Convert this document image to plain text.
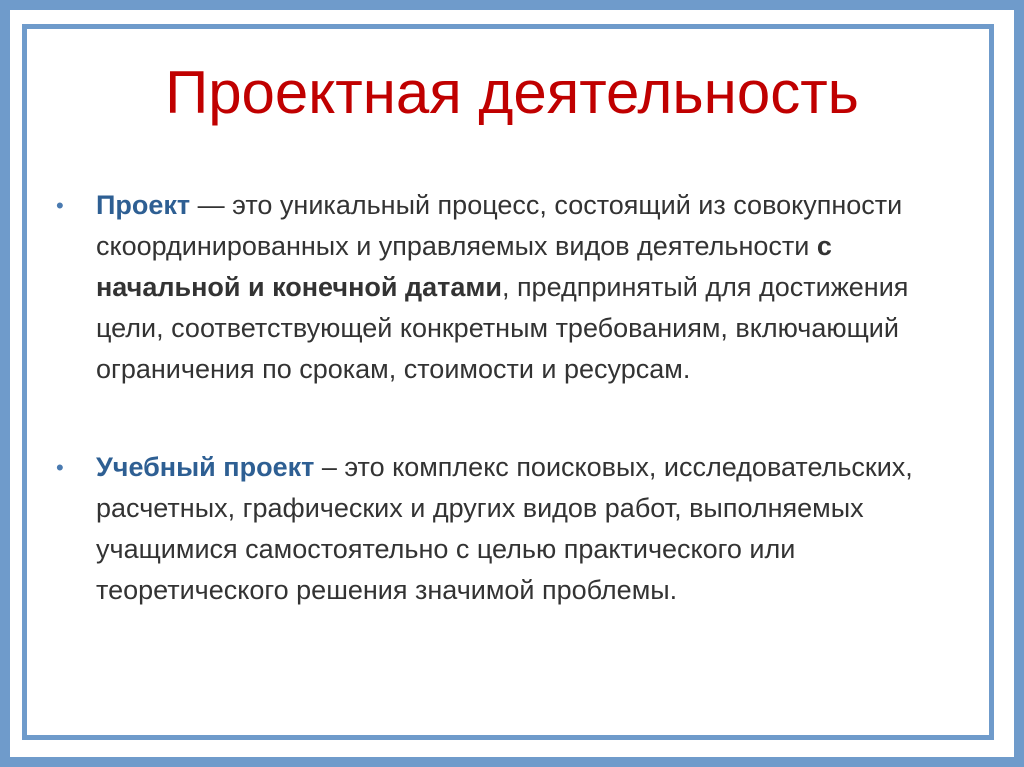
Проектная деятельность
• Проект — это уникальный процесс, состоящий из совокупности скоординированных и управляемых видов деятельности с начальной и конечной датами, предпринятый для достижения цели, соответствующей конкретным требованиям, включающий ограничения по срокам, стоимости и ресурсам.
• Учебный проект – это комплекс поисковых, исследовательских, расчетных, графических и других видов работ, выполняемых учащимися самостоятельно с целью практического или теоретического решения значимой проблемы.
